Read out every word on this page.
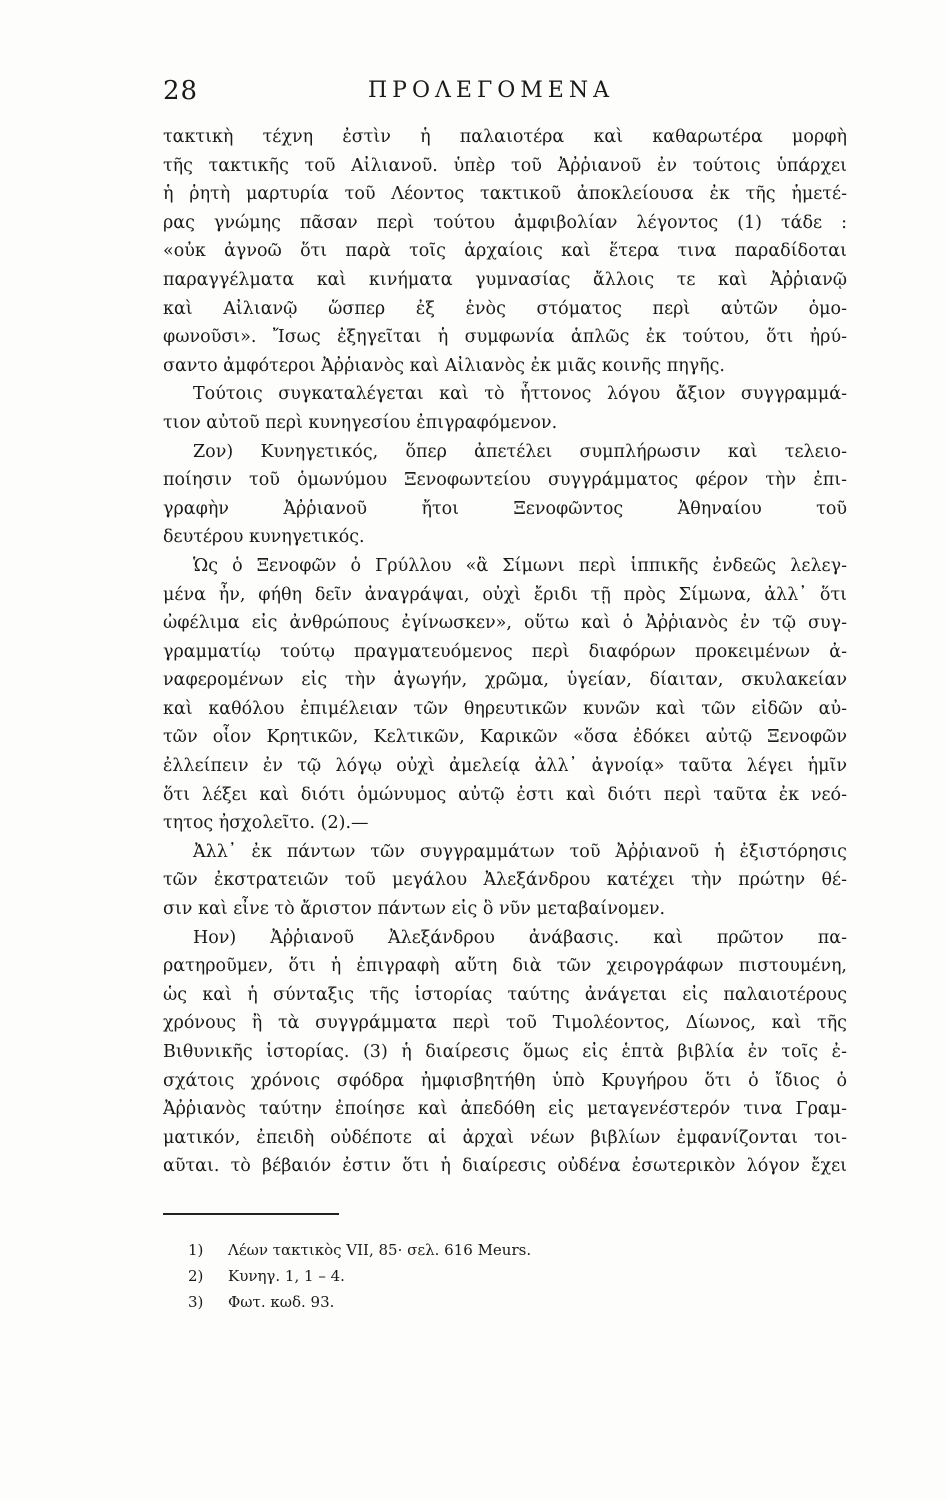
28	ΠΡΟΛΕΓΟΜΕΝΑ
τακτικὴ τέχνη ἐστὶν ἡ παλαιοτέρα καὶ καθαρωτέρα μορφὴ
τῆς τακτικῆς τοῦ Αἰλιανοῦ. ὑπὲρ τοῦ Ἀῤῥιανοῦ ἐν τούτοις ὑπάρχει
ἡ ῥητὴ μαρτυρία τοῦ Λέοντος τακτικοῦ ἀποκλείουσα ἐκ τῆς ἡμετέ-
ρας γνώμης πᾶσαν περὶ τούτου ἀμφιβολίαν λέγοντος (1) τάδε :
«οὐκ ἀγνοῶ ὅτι παρὰ τοῖς ἀρχαίοις καὶ ἕτερα τινα παραδίδοται
παραγγέλματα καὶ κινήματα γυμνασίας ἄλλοις τε καὶ Ἀῤῥιανῷ
καὶ Αἰλιανῷ ὥσπερ ἐξ ἑνὸς στόματος περὶ αὐτῶν ὁμο-
φωνοῦσι». Ἴσως ἐξηγεῖται ἡ συμφωνία ἁπλῶς ἐκ τούτου, ὅτι ἠρύ-
σαντο ἀμφότεροι Ἀῤῥιανὸς καὶ Αἰλιανὸς ἐκ μιᾶς κοινῆς πηγῆς.
Τούτοις συγκαταλέγεται καὶ τὸ ἧττονος λόγου ἄξιον συγγραμμά-
τιον αὐτοῦ περὶ κυνηγεσίου ἐπιγραφόμενον.
Ζον) Κυνηγετικός, ὅπερ ἀπετέλει συμπλήρωσιν καὶ τελειο-
ποίησιν τοῦ ὁμωνύμου Ξενοφωντείου συγγράμματος φέρον τὴν ἐπι-
γραφὴν Ἀῤῥιανοῦ ἤτοι Ξενοφῶντος Ἀθηναίου τοῦ
δευτέρου κυνηγετικός.
Ὡς ὁ Ξενοφῶν ὁ Γρύλλου «ἃ Σίμωνι περὶ ἱππικῆς ἐνδεῶς λελεγ-
μένα ἦν, φήθη δεῖν ἀναγράψαι, οὐχὶ ἔριδι τῇ πρὸς Σίμωνα, ἀλλ᾽ ὅτι
ὠφέλιμα εἰς ἀνθρώπους ἐγίνωσκεν», οὕτω καὶ ὁ Ἀῤῥιανὸς ἐν τῷ συγ-
γραμματίῳ τούτῳ πραγματευόμενος περὶ διαφόρων προκειμένων ἀ-
ναφερομένων εἰς τὴν ἀγωγήν, χρῶμα, ὑγείαν, δίαιταν, σκυλακείαν
καὶ καθόλου ἐπιμέλειαν τῶν θηρευτικῶν κυνῶν καὶ τῶν εἰδῶν αὐ-
τῶν οἷον Κρητικῶν, Κελτικῶν, Καρικῶν «ὅσα ἐδόκει αὐτῷ Ξενοφῶν
ἐλλείπειν ἐν τῷ λόγῳ οὐχὶ ἀμελείᾳ ἀλλ᾽ ἀγνοίᾳ» ταῦτα λέγει ἡμῖν
ὅτι λέξει καὶ διότι ὁμώνυμος αὐτῷ ἐστι καὶ διότι περὶ ταῦτα ἐκ νεό-
τητος ἠσχολεῖτο. (2).—
Ἀλλ᾽ ἐκ πάντων τῶν συγγραμμάτων τοῦ Ἀῤῥιανοῦ ἡ ἐξιστόρησις
τῶν ἐκστρατειῶν τοῦ μεγάλου Ἀλεξάνδρου κατέχει τὴν πρώτην θέ-
σιν καὶ εἶνε τὸ ἄριστον πάντων εἰς ὃ νῦν μεταβαίνομεν.
Ηον) Ἀῤῥιανοῦ Ἀλεξάνδρου ἀνάβασις. καὶ πρῶτον πα-
ρατηροῦμεν, ὅτι ἡ ἐπιγραφὴ αὕτη διὰ τῶν χειρογράφων πιστουμένη,
ὡς καὶ ἡ σύνταξις τῆς ἱστορίας ταύτης ἀνάγεται εἰς παλαιοτέρους
χρόνους ἢ τὰ συγγράμματα περὶ τοῦ Τιμολέοντος, Δίωνος, καὶ τῆς
Βιθυνικῆς ἱστορίας. (3) ἡ διαίρεσις ὅμως εἰς ἑπτὰ βιβλία ἐν τοῖς ἐ-
σχάτοις χρόνοις σφόδρα ἠμφισβητήθη ὑπὸ Κρυγήρου ὅτι ὁ ἴδιος ὁ
Ἀῤῥιανὸς ταύτην ἐποίησε καὶ ἀπεδόθη εἰς μεταγενέστερόν τινα Γραμ-
ματικόν, ἐπειδὴ οὐδέποτε αἱ ἀρχαὶ νέων βιβλίων ἐμφανίζονται τοι-
αῦται. τὸ βέβαιόν ἐστιν ὅτι ἡ διαίρεσις οὐδένα ἐσωτερικὸν λόγον ἔχει
1) Λέων τακτικὸς VII, 85· σελ. 616 Meurs.
2) Κυνηγ. 1, 1 – 4.
3) Φωτ. κωδ. 93.
